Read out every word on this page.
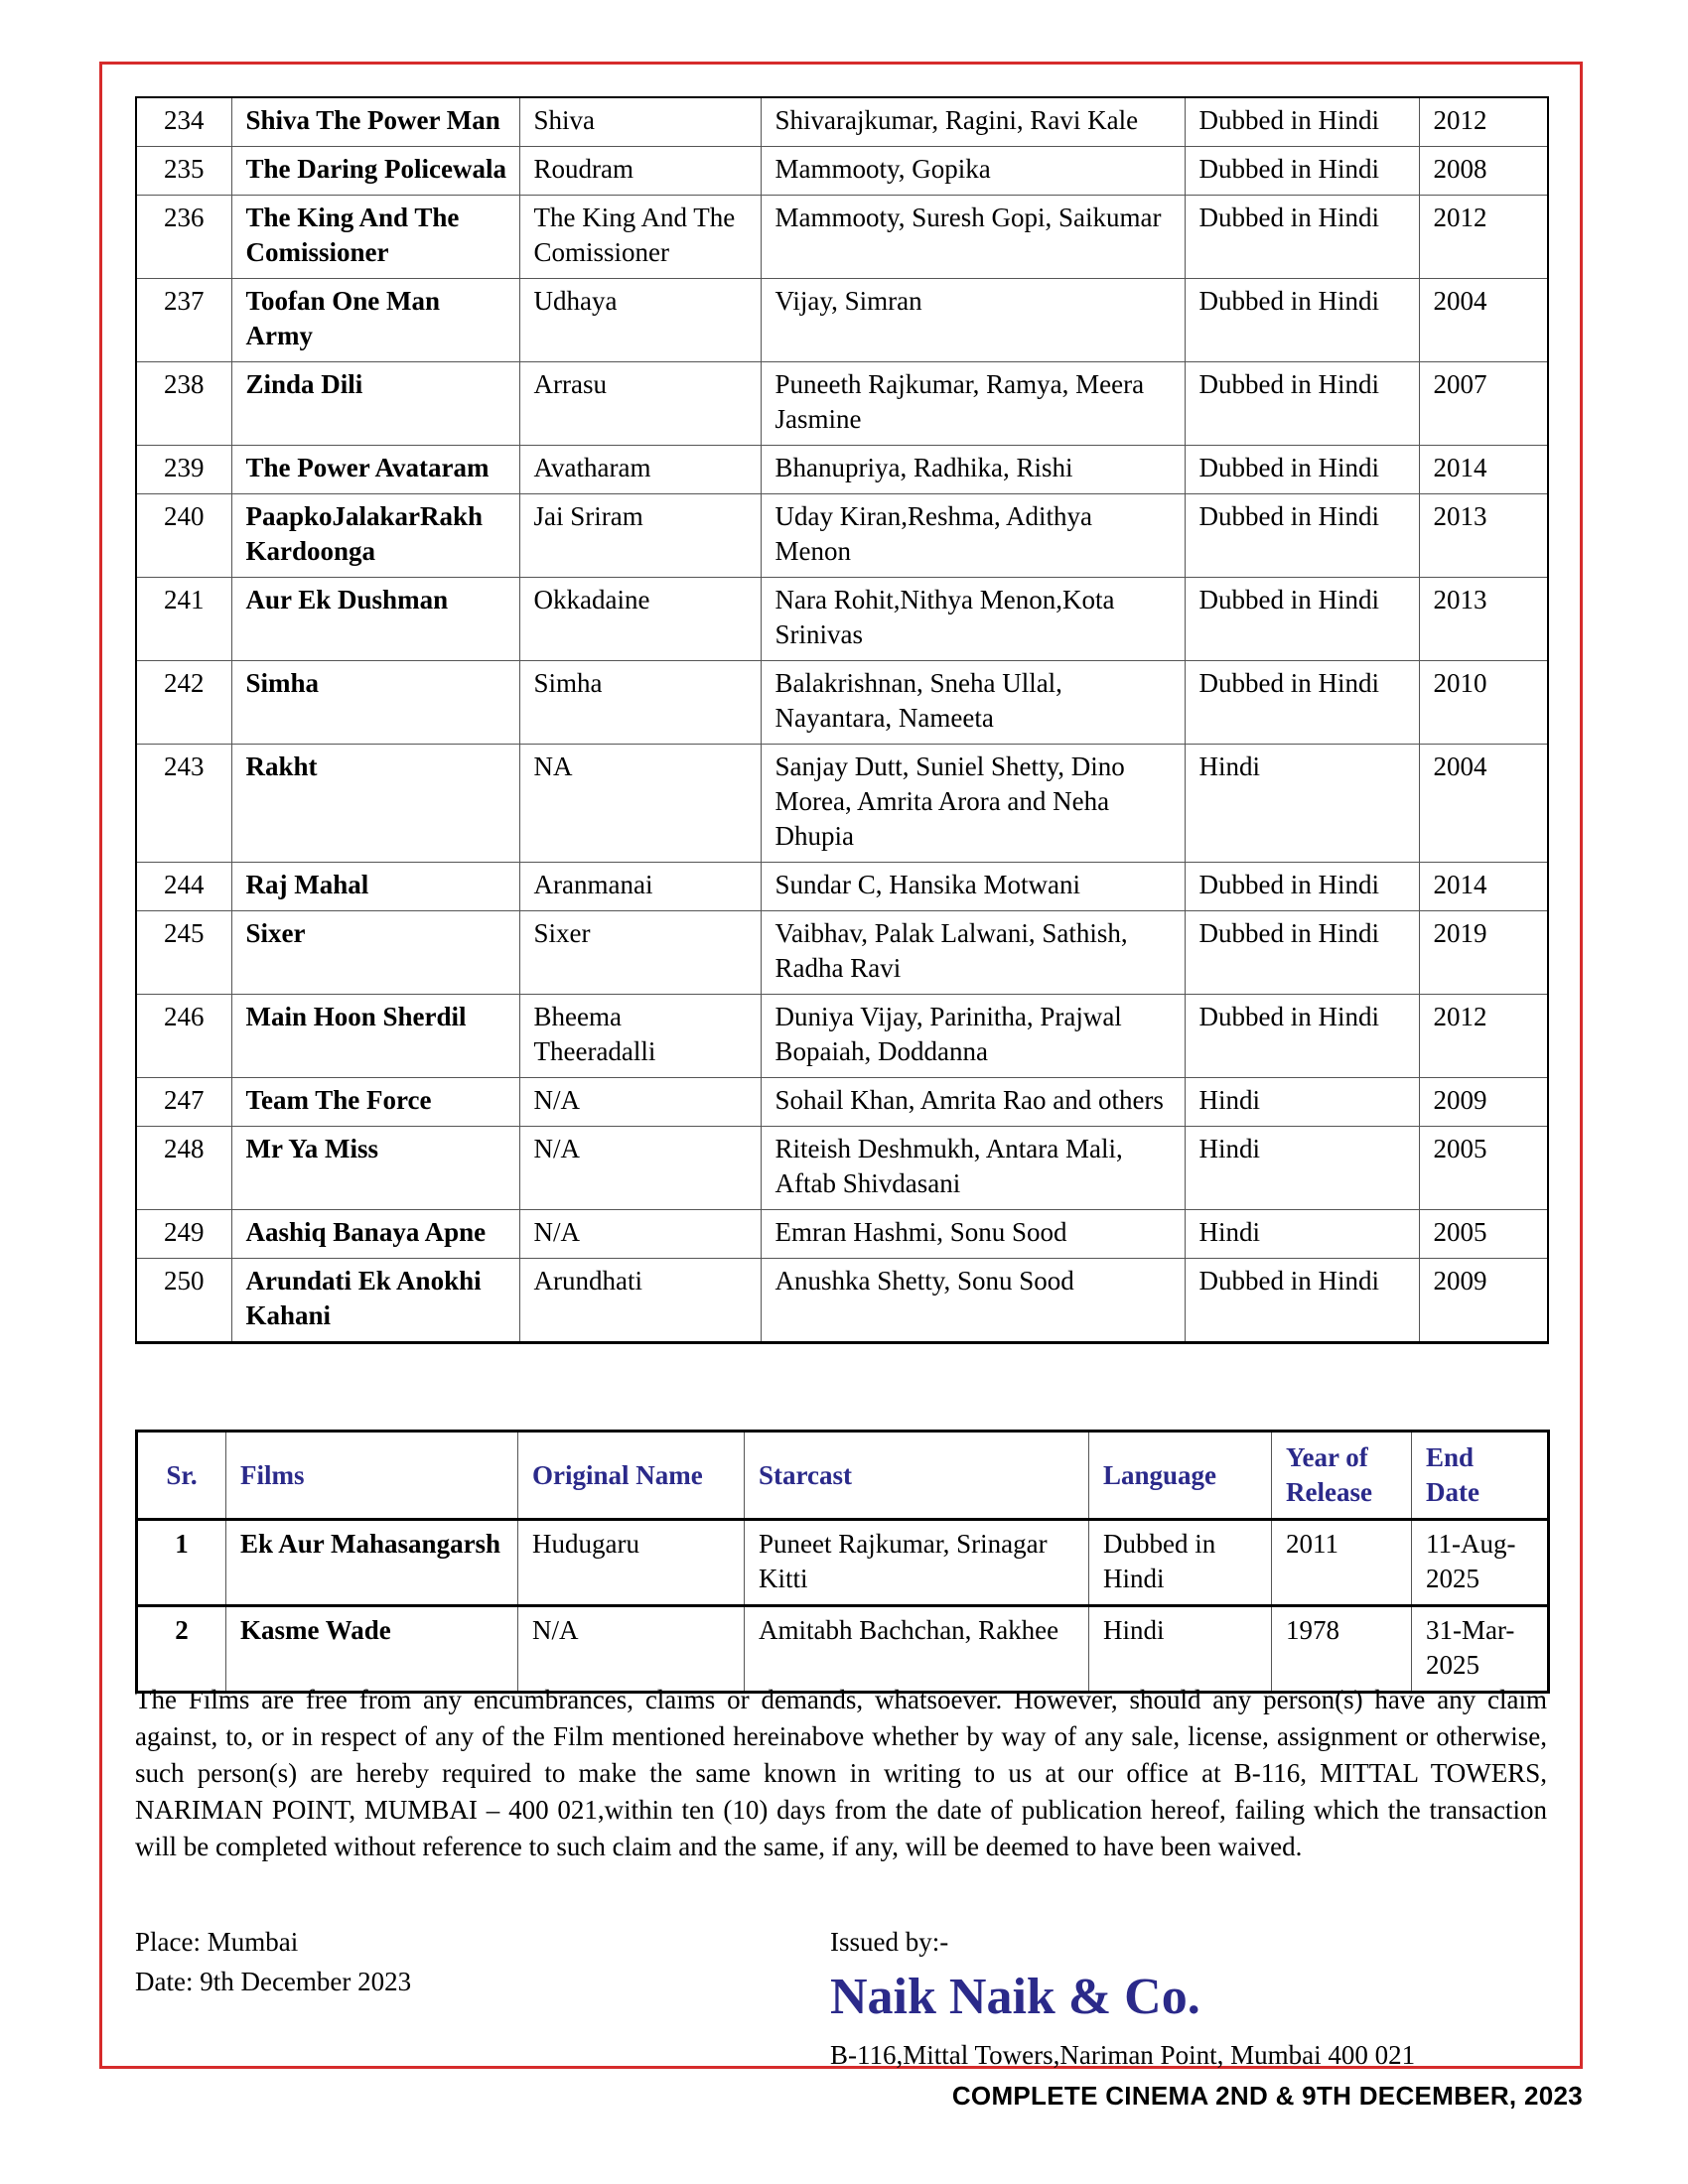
234	Shiva The Power Man	Shiva	Shivarajkumar, Ragini, Ravi Kale	Dubbed in Hindi	2012
235	The Daring Policewala	Roudram	Mammooty, Gopika	Dubbed in Hindi	2008
236	The King And The Comissioner	The King And The Comissioner	Mammooty, Suresh Gopi, Saikumar	Dubbed in Hindi	2012
237	Toofan One Man Army	Udhaya	Vijay, Simran	Dubbed in Hindi	2004
238	Zinda Dili	Arrasu	Puneeth Rajkumar, Ramya, Meera Jasmine	Dubbed in Hindi	2007
239	The Power Avataram	Avatharam	Bhanupriya, Radhika, Rishi	Dubbed in Hindi	2014
240	PaapkoJalakarRakh Kardoonga	Jai Sriram	Uday Kiran,Reshma, Adithya Menon	Dubbed in Hindi	2013
241	Aur Ek Dushman	Okkadaine	Nara Rohit,Nithya Menon,Kota Srinivas	Dubbed in Hindi	2013
242	Simha	Simha	Balakrishnan, Sneha Ullal, Nayantara, Nameeta	Dubbed in Hindi	2010
243	Rakht	NA	Sanjay Dutt, Suniel Shetty, Dino Morea, Amrita Arora and Neha Dhupia	Hindi	2004
244	Raj Mahal	Aranmanai	Sundar C, Hansika Motwani	Dubbed in Hindi	2014
245	Sixer	Sixer	Vaibhav, Palak Lalwani, Sathish, Radha Ravi	Dubbed in Hindi	2019
246	Main Hoon Sherdil	Bheema Theeradalli	Duniya Vijay, Parinitha, Prajwal Bopaiah, Doddanna	Dubbed in Hindi	2012
247	Team The Force	N/A	Sohail Khan, Amrita Rao and others	Hindi	2009
248	Mr Ya Miss	N/A	Riteish Deshmukh, Antara Mali, Aftab Shivdasani	Hindi	2005
249	Aashiq Banaya Apne	N/A	Emran Hashmi, Sonu Sood	Hindi	2005
250	Arundati Ek Anokhi Kahani	Arundhati	Anushka Shetty, Sonu Sood	Dubbed in Hindi	2009
Sr.	Films	Original Name	Starcast	Language	Year of Release	End Date
1	Ek Aur Mahasangarsh	Hudugaru	Puneet Rajkumar, Srinagar Kitti	Dubbed in Hindi	2011	11-Aug-2025
2	Kasme Wade	N/A	Amitabh Bachchan, Rakhee	Hindi	1978	31-Mar-2025

The Films are free from any encumbrances, claims or demands, whatsoever. However, should any person(s) have any claim against, to, or in respect of any of the Film mentioned hereinabove whether by way of any sale, license, assignment or otherwise, such person(s) are hereby required to make the same known in writing to us at our office at B-116, MITTAL TOWERS, NARIMAN POINT, MUMBAI – 400 021,within ten (10) days from the date of publication hereof, failing which the transaction will be completed without reference to such claim and the same, if any, will be deemed to have been waived.

Place: Mumbai
Date: 9th December 2023
Issued by:-
Naik Naik & Co.
B-116,Mittal Towers,Nariman Point, Mumbai 400 021
COMPLETE CINEMA 2ND & 9TH DECEMBER, 2023
